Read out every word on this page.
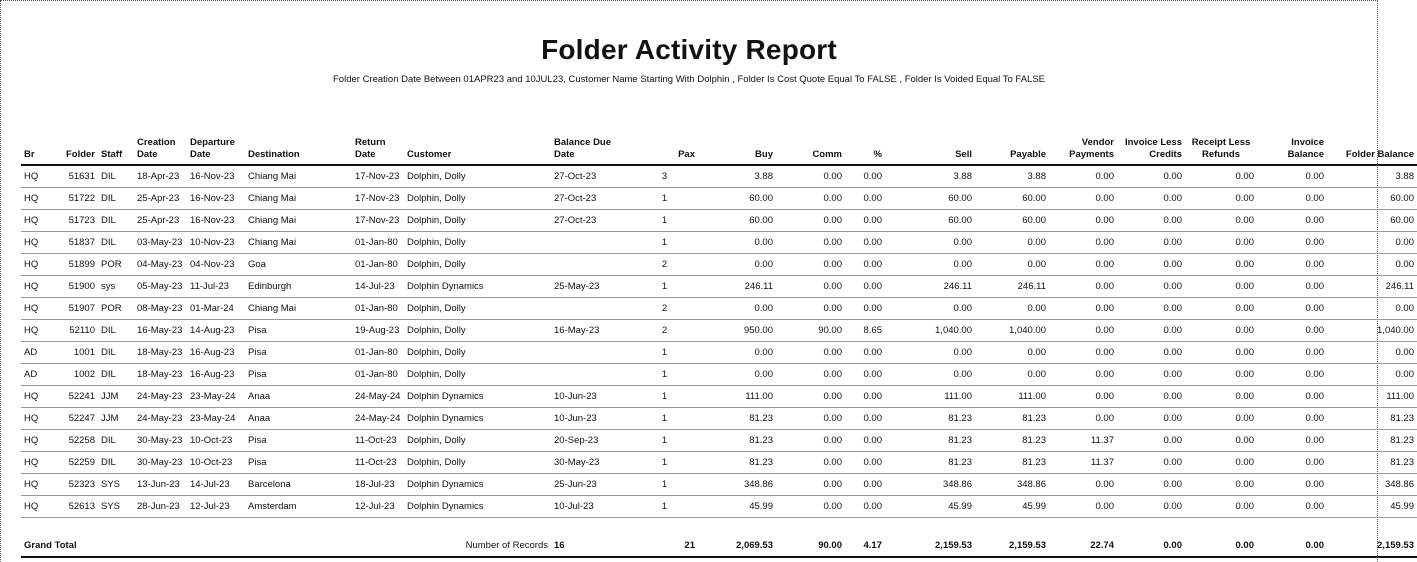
Folder Activity Report
Folder Creation Date Between 01APR23 and 10JUL23, Customer Name Starting With Dolphin , Folder Is Cost Quote Equal To FALSE , Folder Is Voided Equal To FALSE
Br	Folder	Staff	Creation Date	Departure Date	Destination	Return Date	Customer	Balance Due Date	Pax	Buy	Comm	%	Sell	Payable	Vendor Payments	Invoice Less Credits	Receipt Less Refunds	Invoice Balance	Folder Balance
HQ	51631	DIL	18-Apr-23	16-Nov-23	Chiang Mai	17-Nov-23	Dolphin, Dolly	27-Oct-23	3	3.88	0.00	0.00	3.88	3.88	0.00	0.00	0.00	0.00	3.88
HQ	51722	DIL	25-Apr-23	16-Nov-23	Chiang Mai	17-Nov-23	Dolphin, Dolly	27-Oct-23	1	60.00	0.00	0.00	60.00	60.00	0.00	0.00	0.00	0.00	60.00
HQ	51723	DIL	25-Apr-23	16-Nov-23	Chiang Mai	17-Nov-23	Dolphin, Dolly	27-Oct-23	1	60.00	0.00	0.00	60.00	60.00	0.00	0.00	0.00	0.00	60.00
HQ	51837	DIL	03-May-23	10-Nov-23	Chiang Mai	01-Jan-80	Dolphin, Dolly		1	0.00	0.00	0.00	0.00	0.00	0.00	0.00	0.00	0.00	0.00
HQ	51899	POR	04-May-23	04-Nov-23	Goa	01-Jan-80	Dolphin, Dolly		2	0.00	0.00	0.00	0.00	0.00	0.00	0.00	0.00	0.00	0.00
HQ	51900	sys	05-May-23	11-Jul-23	Edinburgh	14-Jul-23	Dolphin Dynamics	25-May-23	1	246.11	0.00	0.00	246.11	246.11	0.00	0.00	0.00	0.00	246.11
HQ	51907	POR	08-May-23	01-Mar-24	Chiang Mai	01-Jan-80	Dolphin, Dolly		2	0.00	0.00	0.00	0.00	0.00	0.00	0.00	0.00	0.00	0.00
HQ	52110	DIL	16-May-23	14-Aug-23	Pisa	19-Aug-23	Dolphin, Dolly	16-May-23	2	950.00	90.00	8.65	1,040.00	1,040.00	0.00	0.00	0.00	0.00	1,040.00
AD	1001	DIL	18-May-23	16-Aug-23	Pisa	01-Jan-80	Dolphin, Dolly		1	0.00	0.00	0.00	0.00	0.00	0.00	0.00	0.00	0.00	0.00
AD	1002	DIL	18-May-23	16-Aug-23	Pisa	01-Jan-80	Dolphin, Dolly		1	0.00	0.00	0.00	0.00	0.00	0.00	0.00	0.00	0.00	0.00
HQ	52241	JJM	24-May-23	23-May-24	Anaa	24-May-24	Dolphin Dynamics	10-Jun-23	1	111.00	0.00	0.00	111.00	111.00	0.00	0.00	0.00	0.00	111.00
HQ	52247	JJM	24-May-23	23-May-24	Anaa	24-May-24	Dolphin Dynamics	10-Jun-23	1	81.23	0.00	0.00	81.23	81.23	0.00	0.00	0.00	0.00	81.23
HQ	52258	DIL	30-May-23	10-Oct-23	Pisa	11-Oct-23	Dolphin, Dolly	20-Sep-23	1	81.23	0.00	0.00	81.23	81.23	11.37	0.00	0.00	0.00	81.23
HQ	52259	DIL	30-May-23	10-Oct-23	Pisa	11-Oct-23	Dolphin, Dolly	30-May-23	1	81.23	0.00	0.00	81.23	81.23	11.37	0.00	0.00	0.00	81.23
HQ	52323	SYS	13-Jun-23	14-Jul-23	Barcelona	18-Jul-23	Dolphin Dynamics	25-Jun-23	1	348.86	0.00	0.00	348.86	348.86	0.00	0.00	0.00	0.00	348.86
HQ	52613	SYS	28-Jun-23	12-Jul-23	Amsterdam	12-Jul-23	Dolphin Dynamics	10-Jul-23	1	45.99	0.00	0.00	45.99	45.99	0.00	0.00	0.00	0.00	45.99

Grand Total							Number of Records	16	21	2,069.53	90.00	4.17	2,159.53	2,159.53	22.74	0.00	0.00	0.00	2,159.53
